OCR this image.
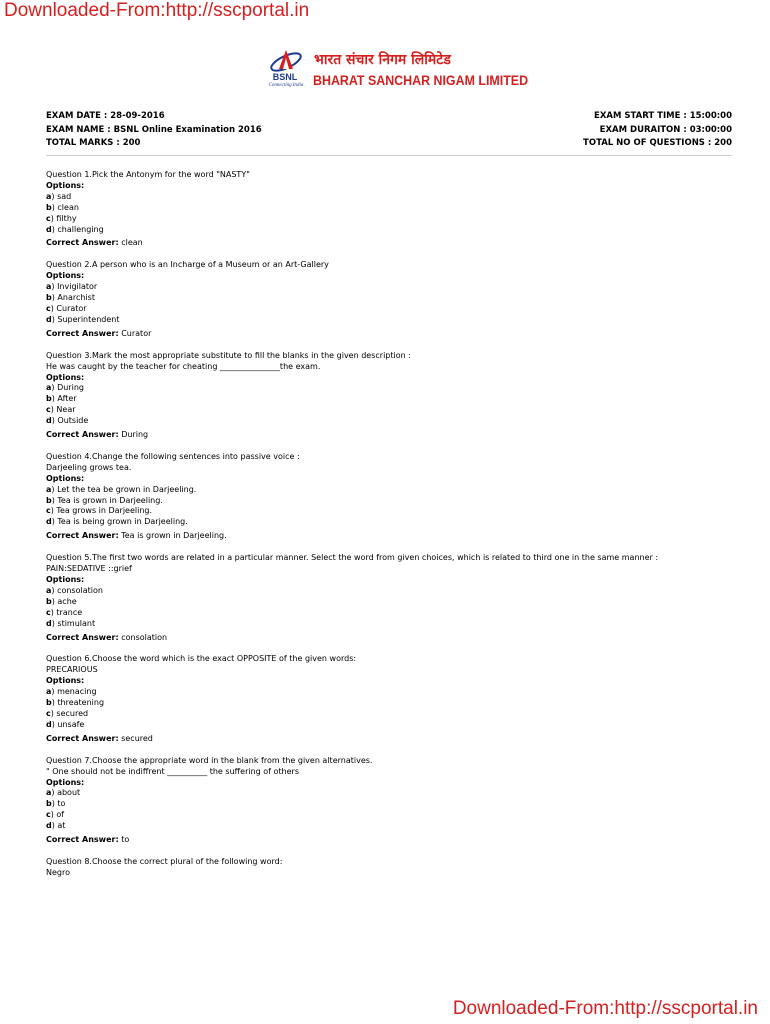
Downloaded-From:http://sscportal.in
BSNL
Connecting India
भारत संचार निगम लिमिटेड
BHARAT SANCHAR NIGAM LIMITED
EXAM DATE : 28-09-2016
EXAM NAME : BSNL Online Examination 2016
TOTAL MARKS : 200
EXAM START TIME : 15:00:00
EXAM DURAITON : 03:00:00
TOTAL NO OF QUESTIONS : 200
Question 1.Pick the Antonym for the word "NASTY"
Options:
a) sad
b) clean
c) filthy
d) challenging
Correct Answer: clean
Question 2.A person who is an Incharge of a Museum or an Art-Gallery
Options:
a) Invigilator
b) Anarchist
c) Curator
d) Superintendent
Correct Answer: Curator
Question 3.Mark the most appropriate substitute to fill the blanks in the given description :
He was caught by the teacher for cheating _______________the exam.
Options:
a) During
b) After
c) Near
d) Outside
Correct Answer: During
Question 4.Change the following sentences into passive voice :
Darjeeling grows tea.
Options:
a) Let the tea be grown in Darjeeling.
b) Tea is grown in Darjeeling.
c) Tea grows in Darjeeling.
d) Tea is being grown in Darjeeling.
Correct Answer: Tea is grown in Darjeeling.
Question 5.The first two words are related in a particular manner. Select the word from given choices, which is related to third one in the same manner :
PAIN:SEDATIVE ::grief
Options:
a) consolation
b) ache
c) trance
d) stimulant
Correct Answer: consolation
Question 6.Choose the word which is the exact OPPOSITE of the given words:
PRECARIOUS
Options:
a) menacing
b) threatening
c) secured
d) unsafe
Correct Answer: secured
Question 7.Choose the appropriate word in the blank from the given alternatives.
" One should not be indiffrent __________ the suffering of others
Options:
a) about
b) to
c) of
d) at
Correct Answer: to
Question 8.Choose the correct plural of the following word:
Negro
Downloaded-From:http://sscportal.in
